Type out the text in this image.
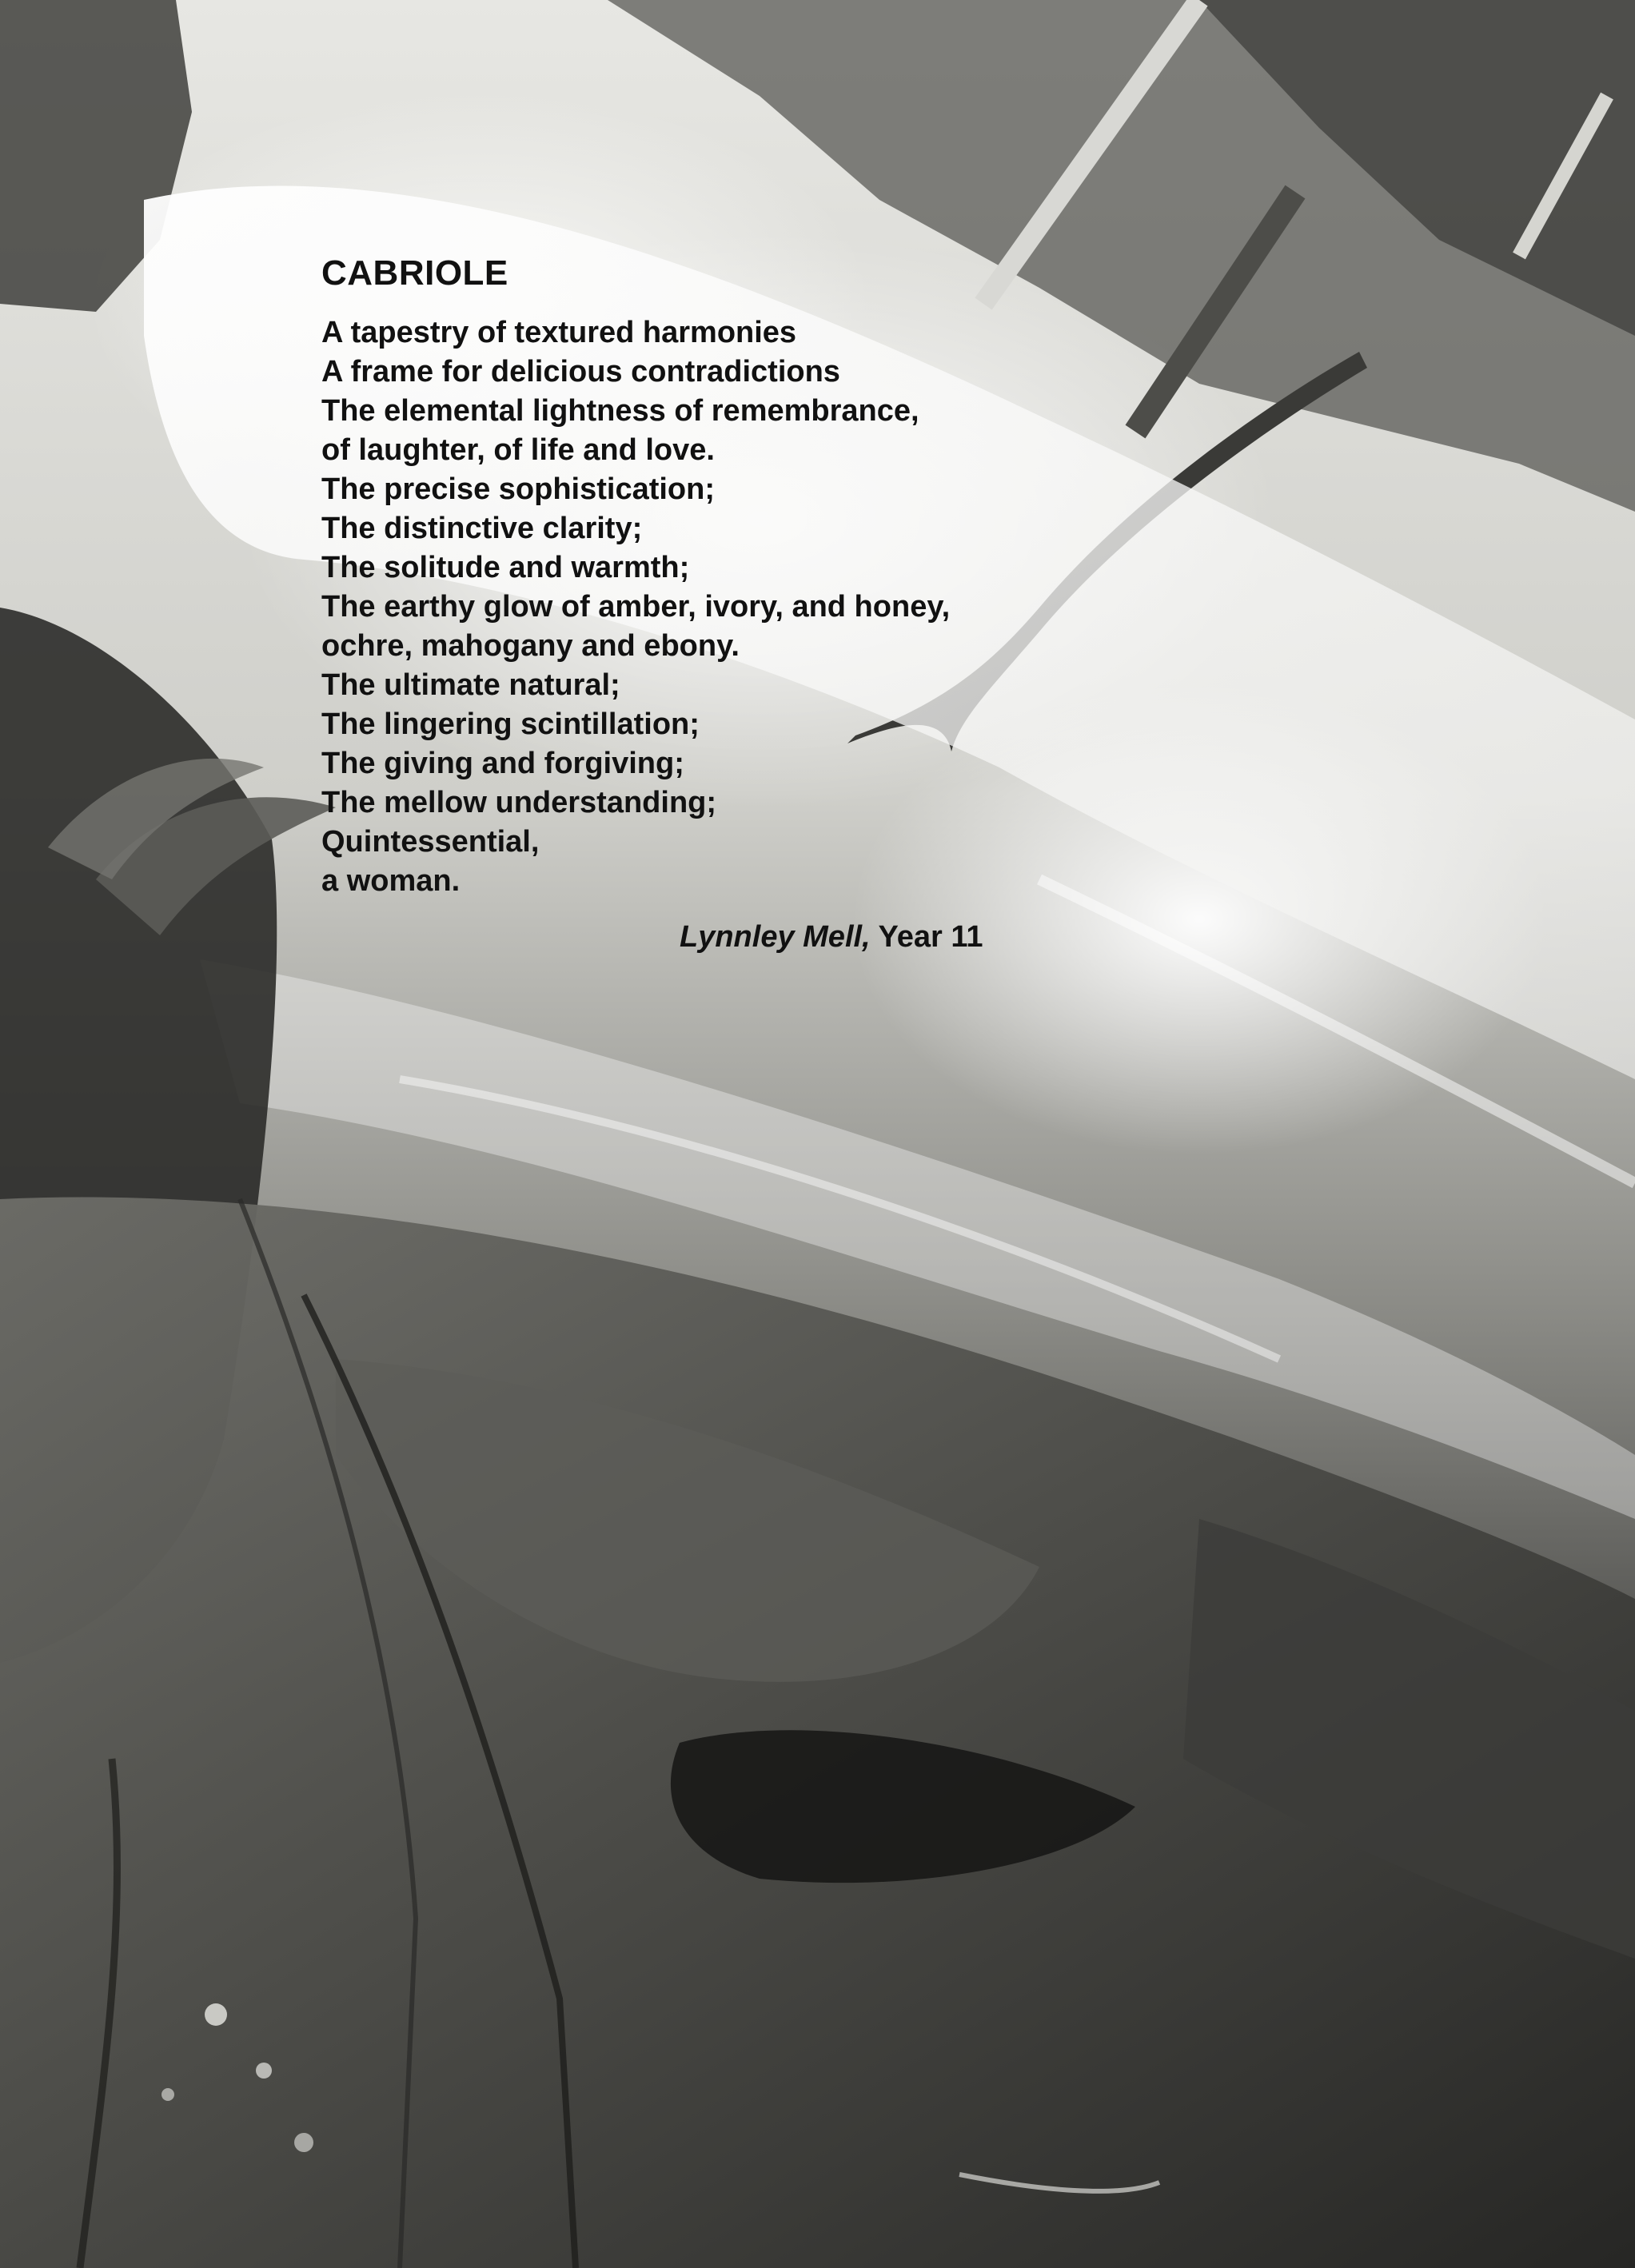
CABRIOLE
A tapestry of textured harmonies
A frame for delicious contradictions
The elemental lightness of remembrance,
of laughter, of life and love.
The precise sophistication;
The distinctive clarity;
The solitude and warmth;
The earthy glow of amber, ivory, and honey,
ochre, mahogany and ebony.
The ultimate natural;
The lingering scintillation;
The giving and forgiving;
The mellow understanding;
Quintessential,
a woman.
Lynnley Mell, Year 11
